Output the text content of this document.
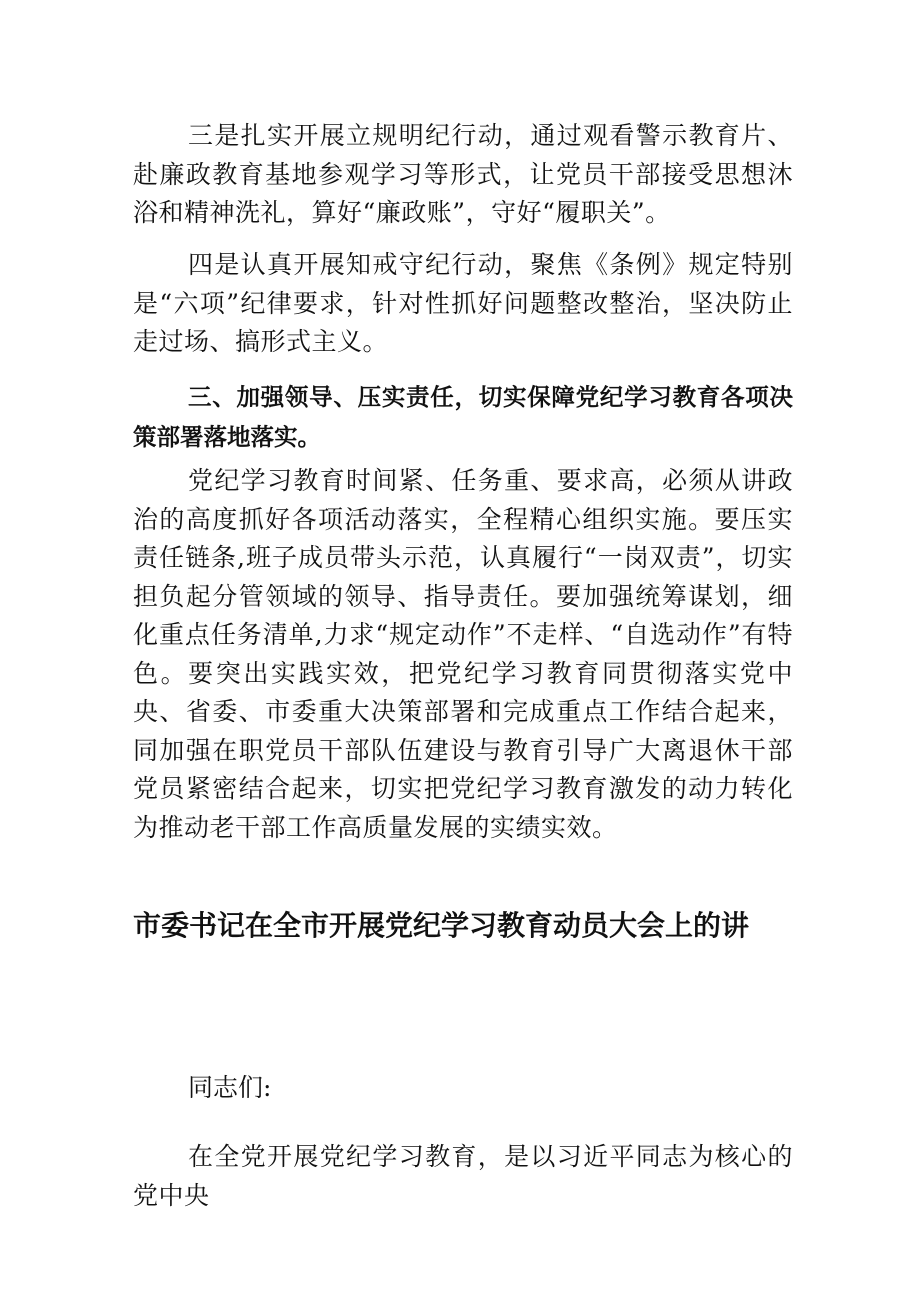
三是扎实开展立规明纪行动，通过观看警示教育片、赴廉政教育基地参观学习等形式，让党员干部接受思想沐浴和精神洗礼，算好“廉政账”，守好“履职关”。

四是认真开展知戒守纪行动，聚焦《条例》规定特别是“六项”纪律要求，针对性抓好问题整改整治，坚决防止走过场、搞形式主义。

三、加强领导、压实责任，切实保障党纪学习教育各项决策部署落地落实。

党纪学习教育时间紧、任务重、要求高，必须从讲政治的高度抓好各项活动落实，全程精心组织实施。要压实责任链条,班子成员带头示范，认真履行“一岗双责”，切实担负起分管领域的领导、指导责任。要加强统筹谋划，细化重点任务清单,力求“规定动作”不走样、“自选动作”有特色。要突出实践实效，把党纪学习教育同贯彻落实党中央、省委、市委重大决策部署和完成重点工作结合起来，同加强在职党员干部队伍建设与教育引导广大离退休干部党员紧密结合起来，切实把党纪学习教育激发的动力转化为推动老干部工作高质量发展的实绩实效。

市委书记在全市开展党纪学习教育动员大会上的讲

同志们:

在全党开展党纪学习教育，是以习近平同志为核心的党中央
